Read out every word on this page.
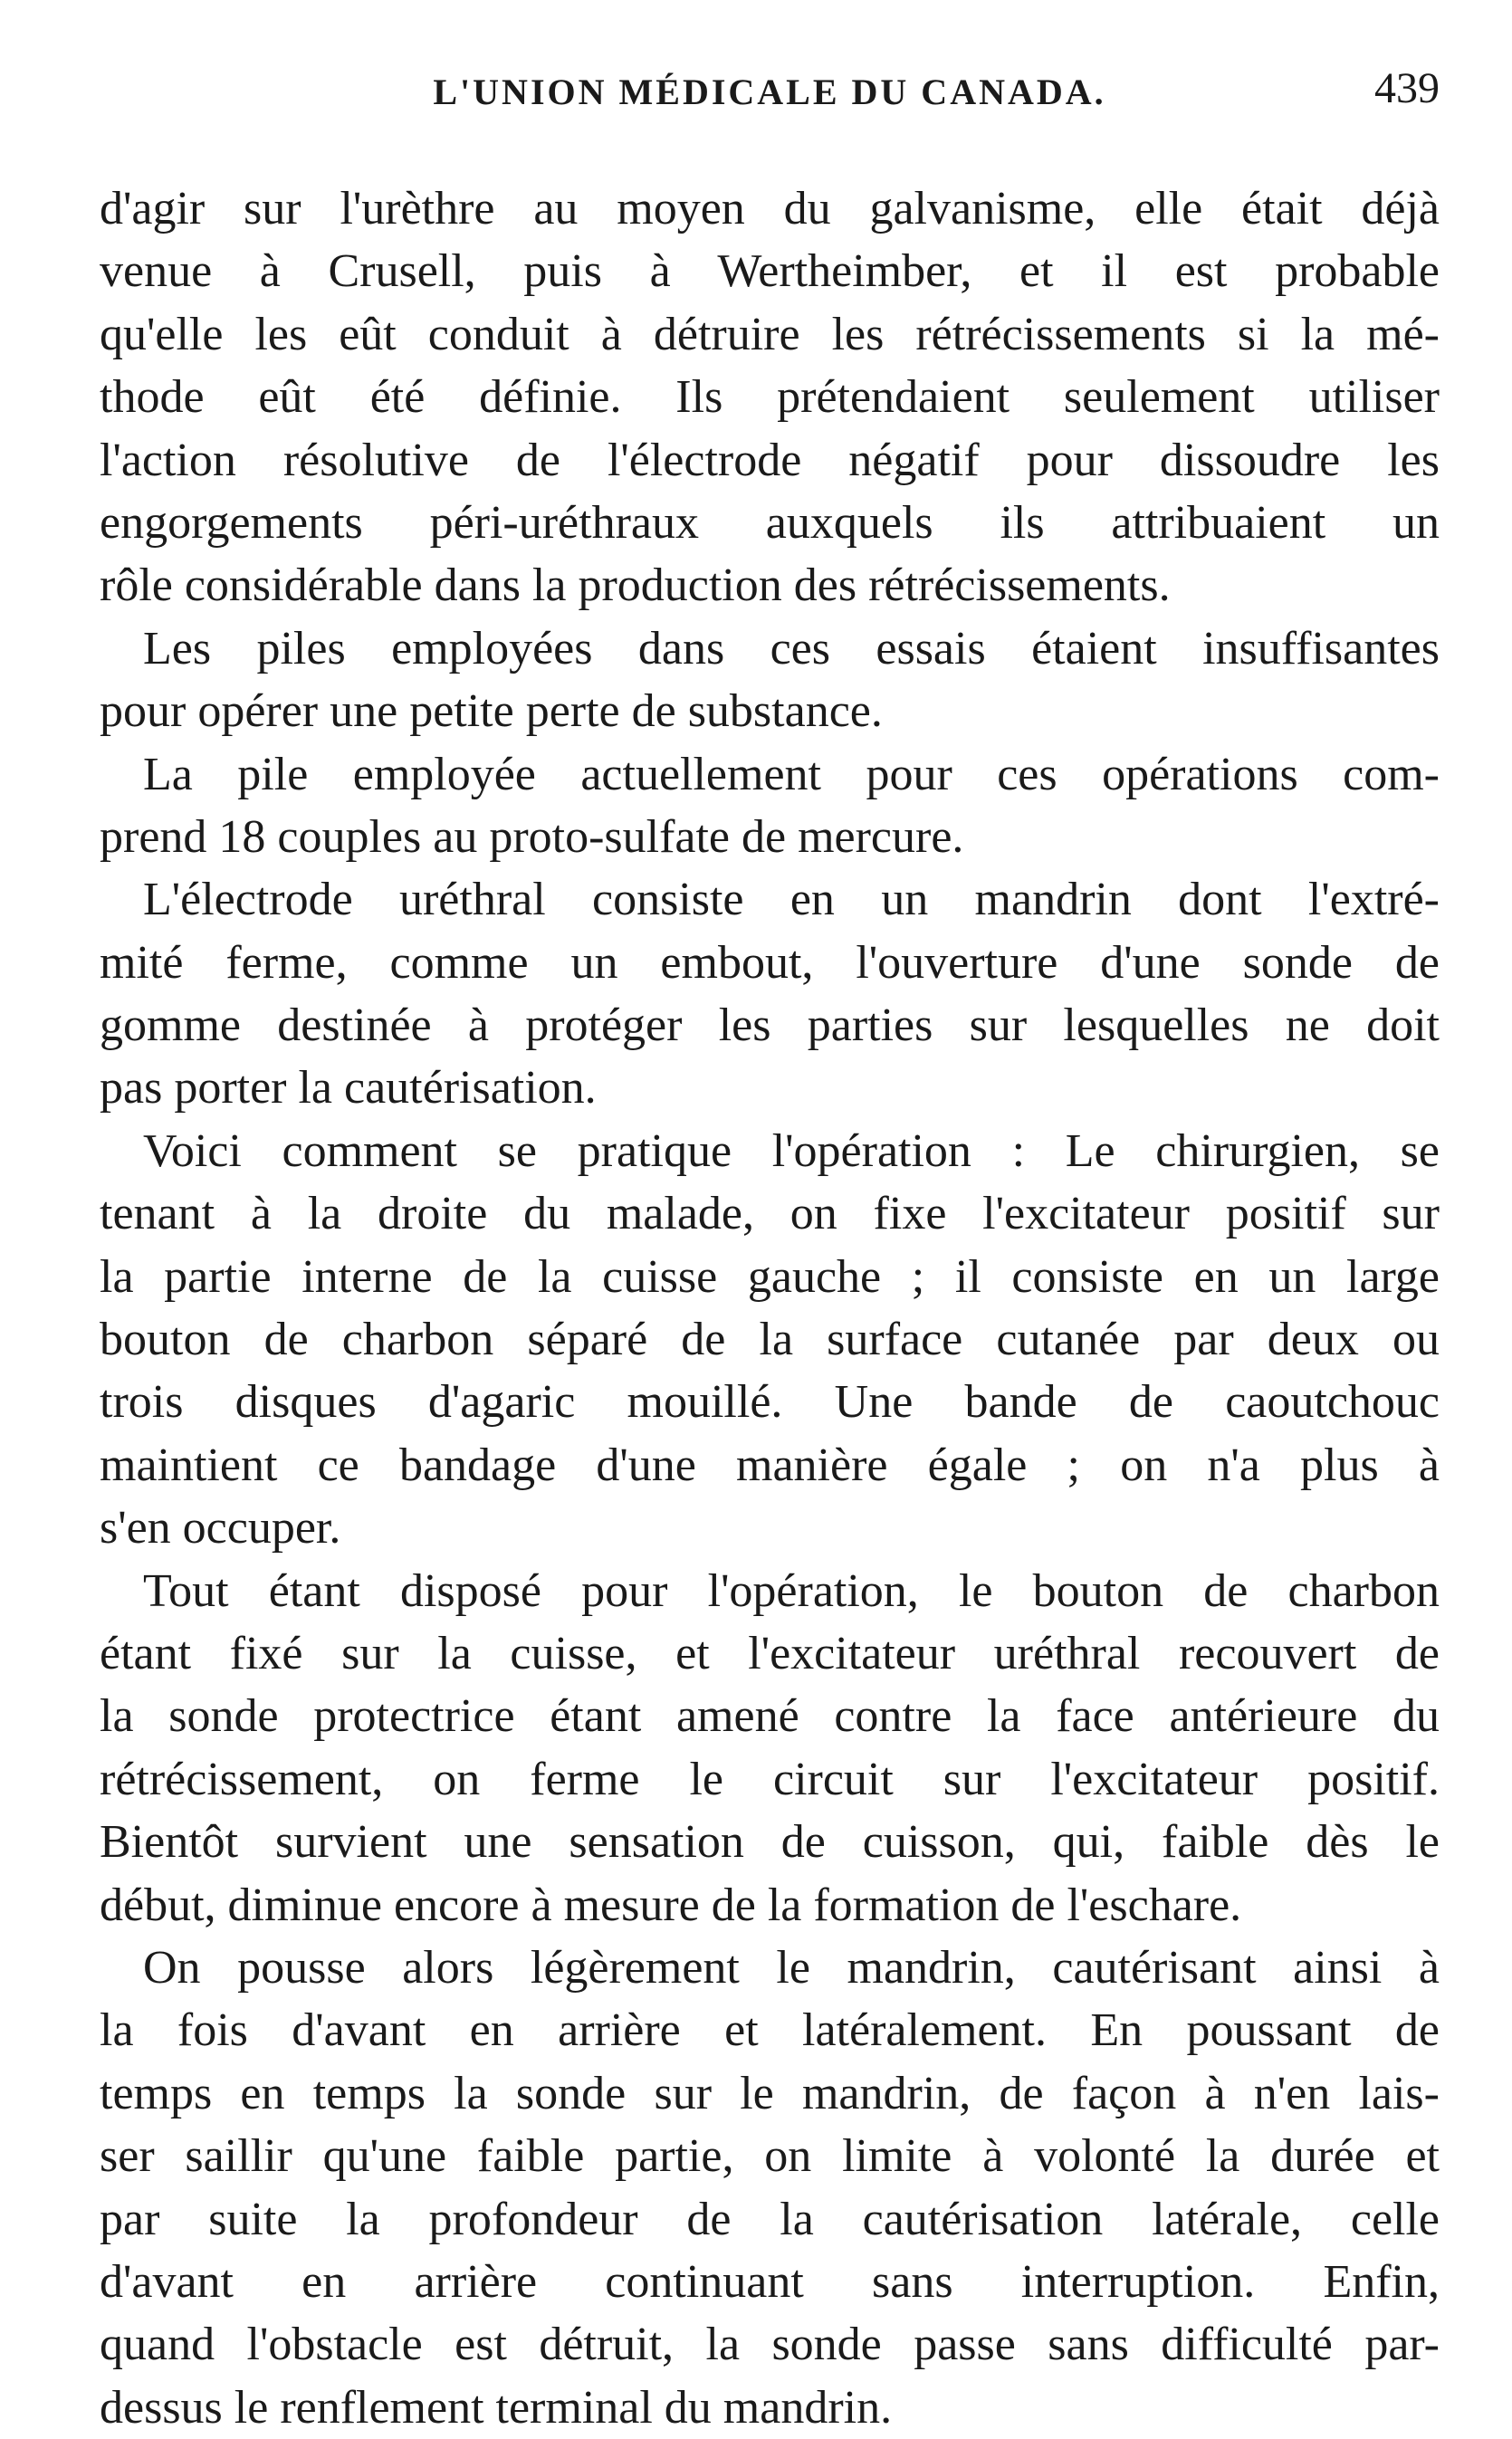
L'UNION MÉDICALE DU CANADA.	439
d'agir sur l'urèthre au moyen du galvanisme, elle était déjà
venue à Crusell, puis à Wertheimber, et il est probable
qu'elle les eût conduit à détruire les rétrécissements si la mé-
thode eût été définie. Ils prétendaient seulement utiliser
l'action résolutive de l'électrode négatif pour dissoudre les
engorgements péri-uréthraux auxquels ils attribuaient un
rôle considérable dans la production des rétrécissements.
Les piles employées dans ces essais étaient insuffisantes
pour opérer une petite perte de substance.
La pile employée actuellement pour ces opérations com-
prend 18 couples au proto-sulfate de mercure.
L'électrode uréthral consiste en un mandrin dont l'extré-
mité ferme, comme un embout, l'ouverture d'une sonde de
gomme destinée à protéger les parties sur lesquelles ne doit
pas porter la cautérisation.
Voici comment se pratique l'opération : Le chirurgien, se
tenant à la droite du malade, on fixe l'excitateur positif sur
la partie interne de la cuisse gauche ; il consiste en un large
bouton de charbon séparé de la surface cutanée par deux ou
trois disques d'agaric mouillé. Une bande de caoutchouc
maintient ce bandage d'une manière égale ; on n'a plus à
s'en occuper.
Tout étant disposé pour l'opération, le bouton de charbon
étant fixé sur la cuisse, et l'excitateur uréthral recouvert de
la sonde protectrice étant amené contre la face antérieure du
rétrécissement, on ferme le circuit sur l'excitateur positif.
Bientôt survient une sensation de cuisson, qui, faible dès le
début, diminue encore à mesure de la formation de l'eschare.
On pousse alors légèrement le mandrin, cautérisant ainsi à
la fois d'avant en arrière et latéralement. En poussant de
temps en temps la sonde sur le mandrin, de façon à n'en lais-
ser saillir qu'une faible partie, on limite à volonté la durée et
par suite la profondeur de la cautérisation latérale, celle
d'avant en arrière continuant sans interruption. Enfin,
quand l'obstacle est détruit, la sonde passe sans difficulté par-
dessus le renflement terminal du mandrin.
